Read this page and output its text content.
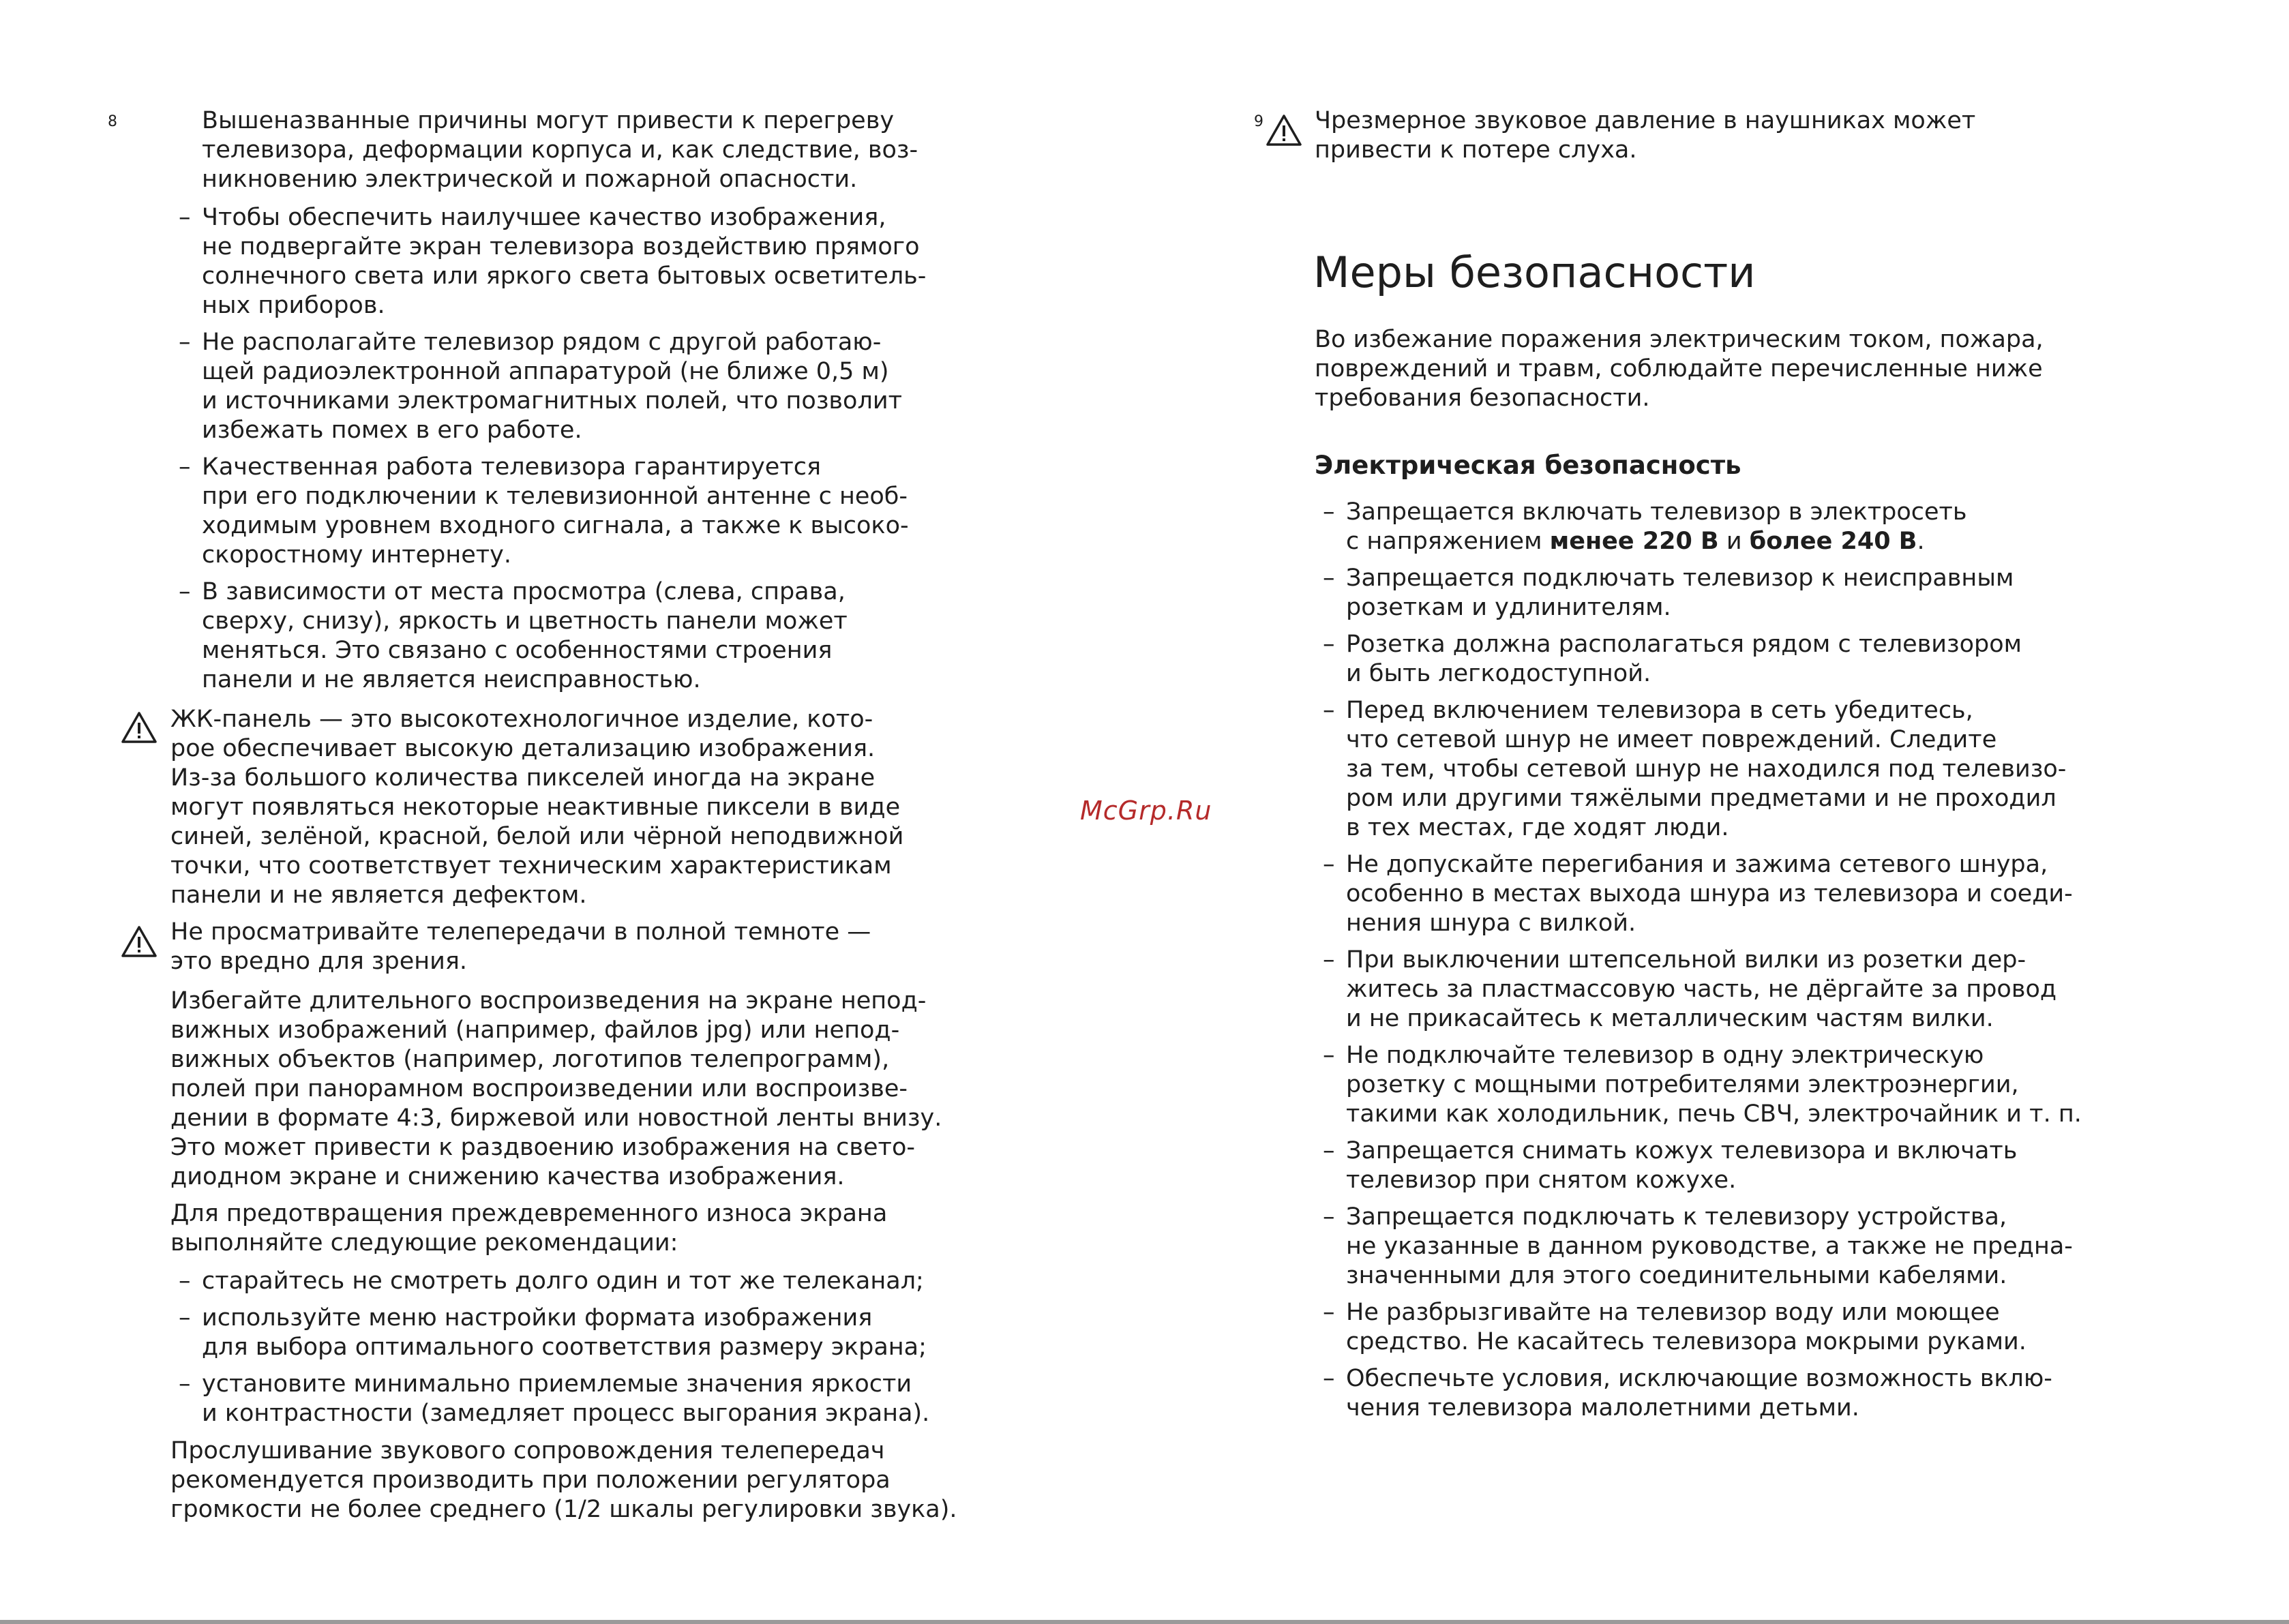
8	Вышеназванные причины могут привести к перегреву
телевизора, деформации корпуса и, как следствие, воз-
никновению электрической и пожарной опасности.
– Чтобы обеспечить наилучшее качество изображения,
не подвергайте экран телевизора воздействию прямого
солнечного света или яркого света бытовых осветитель-
ных приборов.
– Не располагайте телевизор рядом с другой работаю-
щей радиоэлектронной аппаратурой (не ближе 0,5 м)
и источниками электромагнитных полей, что позволит
избежать помех в его работе.
– Качественная работа телевизора гарантируется
при его подключении к телевизионной антенне с необ-
ходимым уровнем входного сигнала, а также к высоко-
скоростному интернету.
– В зависимости от места просмотра (слева, справа,
сверху, снизу), яркость и цветность панели может
меняться. Это связано с особенностями строения
панели и не является неисправностью.
ЖК-панель — это высокотехнологичное изделие, кото-
рое обеспечивает высокую детализацию изображения.
Из-за большого количества пикселей иногда на экране
могут появляться некоторые неактивные пиксели в виде
синей, зелёной, красной, белой или чёрной неподвижной
точки, что соответствует техническим характеристикам
панели и не является дефектом.
Не просматривайте телепередачи в полной темноте —
это вредно для зрения.
Избегайте длительного воспроизведения на экране непод-
вижных изображений (например, файлов jpg) или непод-
вижных объектов (например, логотипов телепрограмм),
полей при панорамном воспроизведении или воспроизве-
дении в формате 4:3, биржевой или новостной ленты внизу.
Это может привести к раздвоению изображения на свето-
диодном экране и снижению качества изображения.
Для предотвращения преждевременного износа экрана
выполняйте следующие рекомендации:
– старайтесь не смотреть долго один и тот же телеканал;
– используйте меню настройки формата изображения
для выбора оптимального соответствия размеру экрана;
– установите минимально приемлемые значения яркости
и контрастности (замедляет процесс выгорания экрана).
Прослушивание звукового сопровождения телепередач
рекомендуется производить при положении регулятора
громкости не более среднего (1/2 шкалы регулировки звука).
McGrp.Ru
9 Чрезмерное звуковое давление в наушниках может
привести к потере слуха.
Меры безопасности
Во избежание поражения электрическим током, пожара,
повреждений и травм, соблюдайте перечисленные ниже
требования безопасности.
Электрическая безопасность
– Запрещается включать телевизор в электросеть
с напряжением менее 220 В и более 240 В.
– Запрещается подключать телевизор к неисправным
розеткам и удлинителям.
– Розетка должна располагаться рядом с телевизором
и быть легкодоступной.
– Перед включением телевизора в сеть убедитесь,
что сетевой шнур не имеет повреждений. Следите
за тем, чтобы сетевой шнур не находился под телевизо-
ром или другими тяжёлыми предметами и не проходил
в тех местах, где ходят люди.
– Не допускайте перегибания и зажима сетевого шнура,
особенно в местах выхода шнура из телевизора и соеди-
нения шнура с вилкой.
– При выключении штепсельной вилки из розетки дер-
житесь за пластмассовую часть, не дёргайте за провод
и не прикасайтесь к металлическим частям вилки.
– Не подключайте телевизор в одну электрическую
розетку с мощными потребителями электроэнергии,
такими как холодильник, печь СВЧ, электрочайник и т. п.
– Запрещается снимать кожух телевизора и включать
телевизор при снятом кожухе.
– Запрещается подключать к телевизору устройства,
не указанные в данном руководстве, а также не предна-
значенными для этого соединительными кабелями.
– Не разбрызгивайте на телевизор воду или моющее
средство. Не касайтесь телевизора мокрыми руками.
– Обеспечьте условия, исключающие возможность вклю-
чения телевизора малолетними детьми.
